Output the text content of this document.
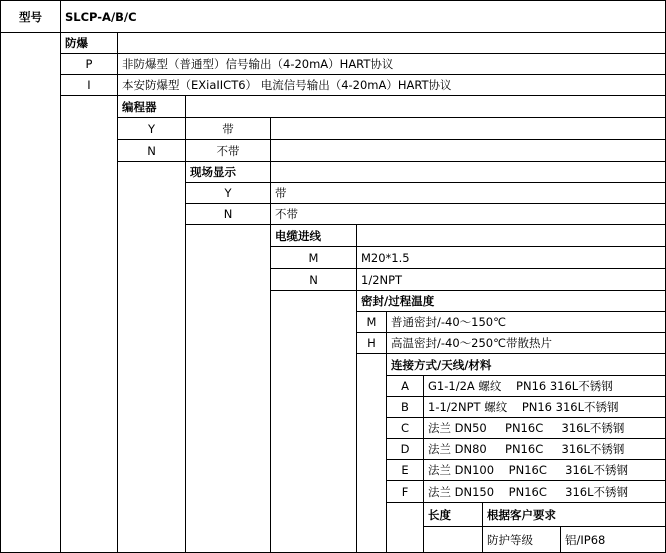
型号	SLCP-A/B/C
防爆
P	非防爆型（普通型）信号输出（4-20mA）HART协议
I	本安防爆型（EXiaIICT6） 电流信号输出（4-20mA）HART协议
编程器
Y	带
N	不带
现场显示
Y	带
N	不带
电缆进线
M	M20*1.5
N	1/2NPT
密封/过程温度
M	普通密封/-40～150℃
H	高温密封/-40～250℃带散热片
连接方式/天线/材料
A	G1-1/2A 螺纹    PN16 316L不锈钢
B	1-1/2NPT 螺纹    PN16 316L不锈钢
C	法兰 DN50     PN16C     316L不锈钢
D	法兰 DN80     PN16C     316L不锈钢
E	法兰 DN100    PN16C     316L不锈钢
F	法兰 DN150    PN16C     316L不锈钢
长度	根据客户要求
防护等级	铝/IP68
